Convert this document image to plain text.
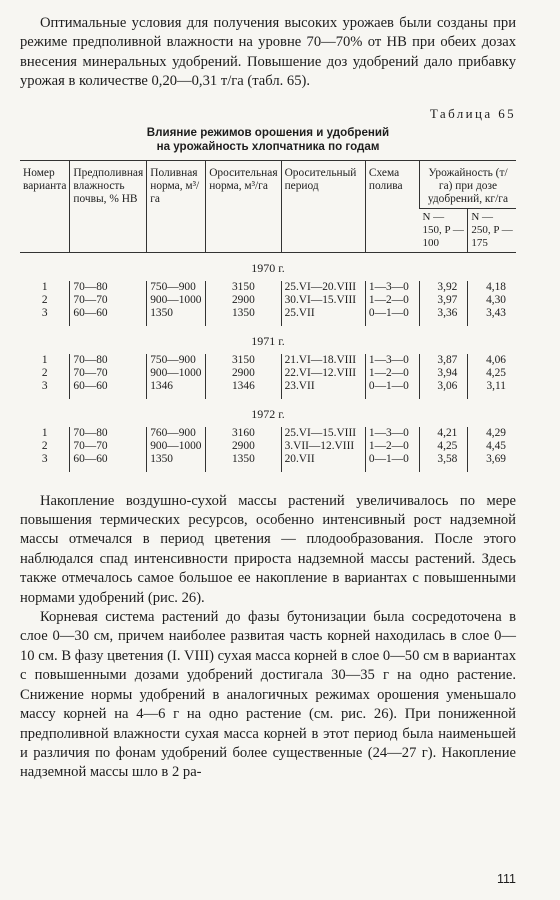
Оптимальные условия для получения высоких урожаев были созданы при режиме предполивной влажности на уровне 70—70% от НВ при обеих дозах внесения минеральных удобрений. Повышение доз удобрений дало прибавку урожая в количестве 0,20—0,31 т/га (табл. 65).

Таблица 65
Влияние режимов орошения и удобрений
на урожайность хлопчатника по годам
Номер варианта	Предполивная влажность почвы, % НВ	Поливная норма, м³/га	Оросительная норма, м³/га	Оросительный период	Схема полива	Урожайность (т/га) при дозе удобрений, кг/га	
						N — 150, P — 100	N — 250, P — 175
1970 г.							
1	70—80	750—900	3150	25.VI—20.VIII	1—3—0	3,92	4,18
2	70—70	900—1000	2900	30.VI—15.VIII	1—2—0	3,97	4,30
3	60—60	1350	1350	25.VII	0—1—0	3,36	3,43
1971 г.							
1	70—80	750—900	3150	21.VI—18.VIII	1—3—0	3,87	4,06
2	70—70	900—1000	2900	22.VI—12.VIII	1—2—0	3,94	4,25
3	60—60	1346	1346	23.VII	0—1—0	3,06	3,11
1972 г.							
1	70—80	760—900	3160	25.VI—15.VIII	1—3—0	4,21	4,29
2	70—70	900—1000	2900	3.VII—12.VIII	1—2—0	4,25	4,45
3	60—60	1350	1350	20.VII	0—1—0	3,58	3,69

Накопление воздушно-сухой массы растений увеличивалось по мере повышения термических ресурсов, особенно интенсивный рост надземной массы отмечался в период цветения — плодообразования. После этого наблюдался спад интенсивности прироста надземной массы растений. Здесь также отмечалось самое большое ее накопление в вариантах с повышенными нормами удобрений (рис. 26).

Корневая система растений до фазы бутонизации была сосредоточена в слое 0—30 см, причем наиболее развитая часть корней находилась в слое 0—10 см. В фазу цветения (I. VIII) сухая масса корней в слое 0—50 см в вариантах с повышенными дозами удобрений достигала 30—35 г на одно растение. Снижение нормы удобрений в аналогичных режимах орошения уменьшало массу корней на 4—6 г на одно растение (см. рис. 26). При пониженной предполивной влажности сухая масса корней в этот период была наименьшей и различия по фонам удобрений более существенные (24—27 г). Накопление надземной массы шло в 2 ра-

111
